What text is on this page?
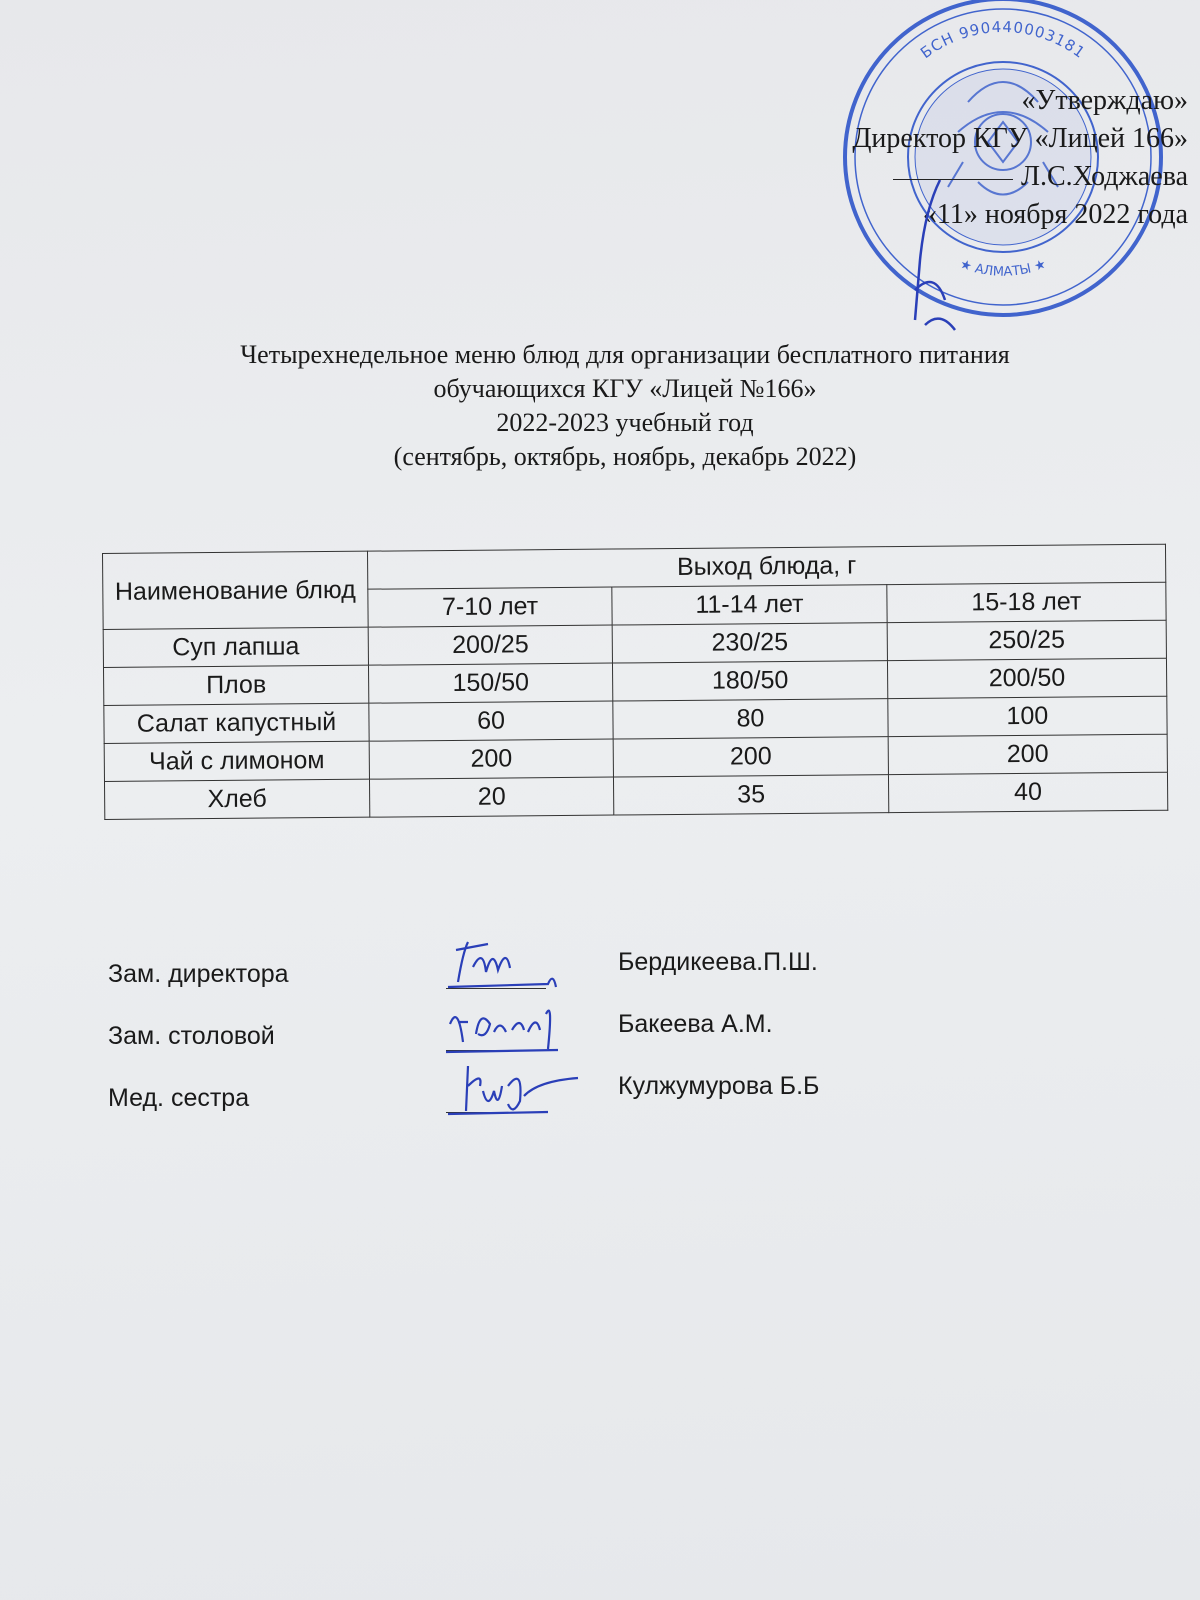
БСН 990440003181
★ АЛМАТЫ ★
«Утверждаю»
Директор КГУ «Лицей 166»
Л.С.Ходжаева
«11» ноября 2022 года
Четырехнедельное меню блюд для организации бесплатного питания
обучающихся КГУ «Лицей №166»
2022-2023 учебный год
(сентябрь, октябрь, ноябрь, декабрь 2022)
Наименование блюд	Выход блюда, г		
	7-10 лет	11-14 лет	15-18 лет
Суп лапша	200/25	230/25	250/25
Плов	150/50	180/50	200/50
Салат капустный	60	80	100
Чай с лимоном	200	200	200
Хлеб	20	35	40
Зам. директора	Бердикеева.П.Ш.
Зам. столовой	Бакеева А.М.
Мед. сестра	Кулжумурова Б.Б
